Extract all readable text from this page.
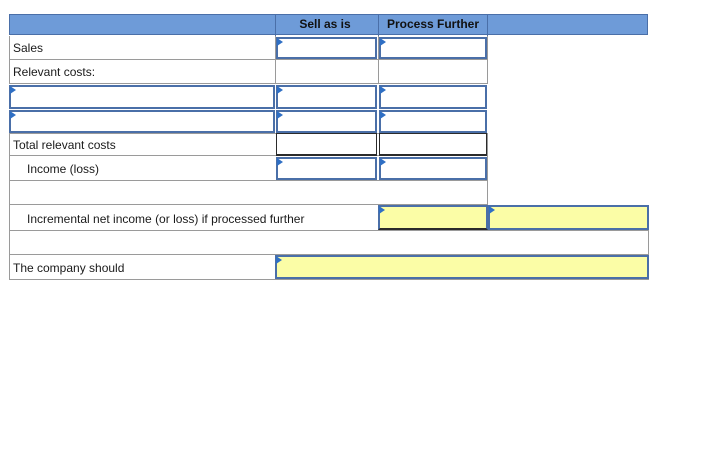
Sell as is	Process Further
Sales
Relevant costs:
Total relevant costs
Income (loss)
Incremental net income (or loss) if processed further
The company should
